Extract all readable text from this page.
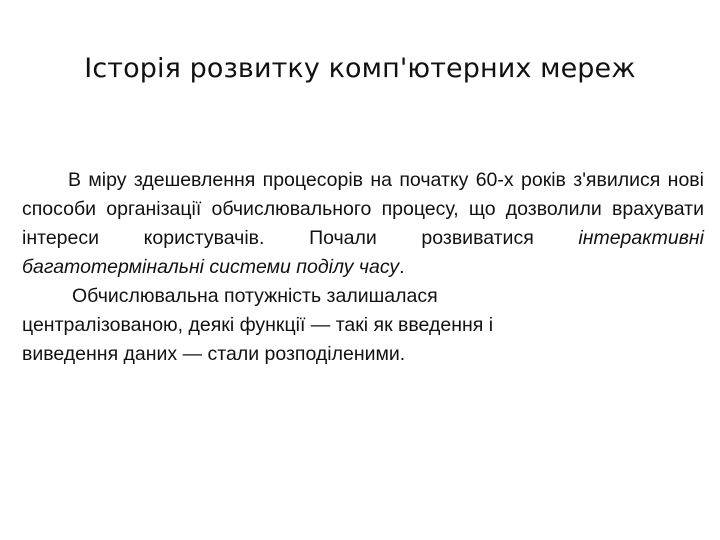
Історія розвитку комп'ютерних мереж

В міру здешевлення процесорів на початку 60-х років з'явилися нові способи організації обчислювального процесу, що дозволили врахувати інтереси користувачів. Почали розвиватися інтерактивні багатотермінальні системи поділу часу.

Обчислювальна потужність залишалася
централізованою, деякі функції — такі як введення і
виведення даних — стали розподіленими.
